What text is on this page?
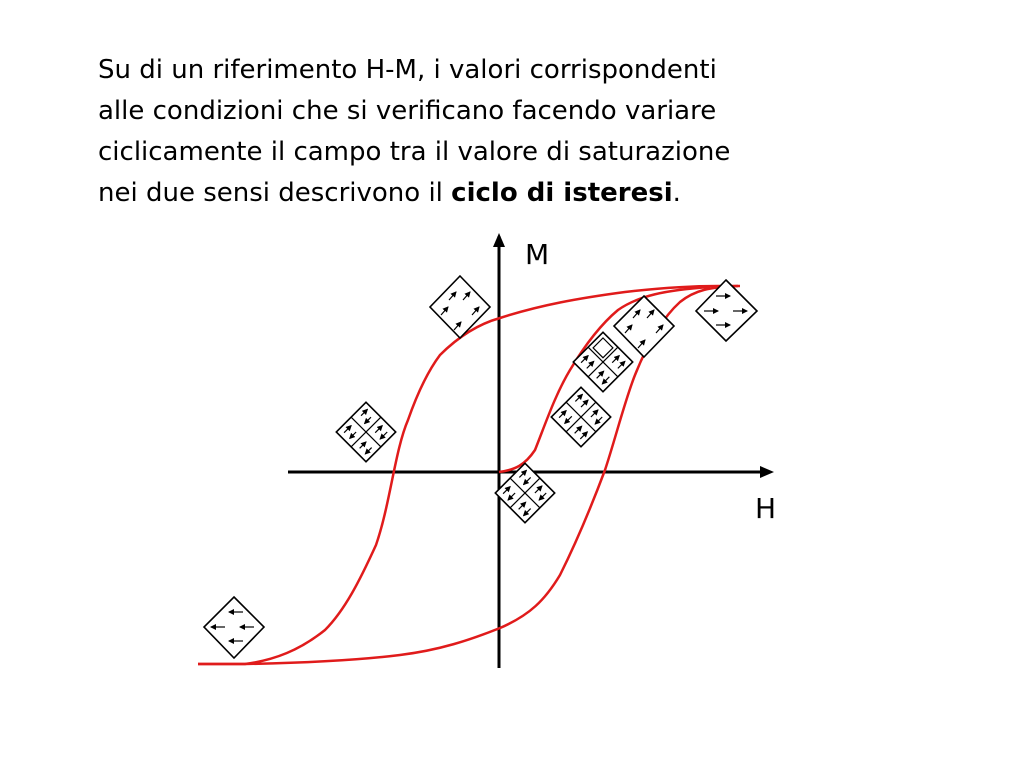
Su di un riferimento H-M, i valori corrispondenti
alle condizioni che si verificano facendo variare
ciclicamente il campo tra il valore di saturazione
nei due sensi descrivono il ciclo di isteresi.

M
H
